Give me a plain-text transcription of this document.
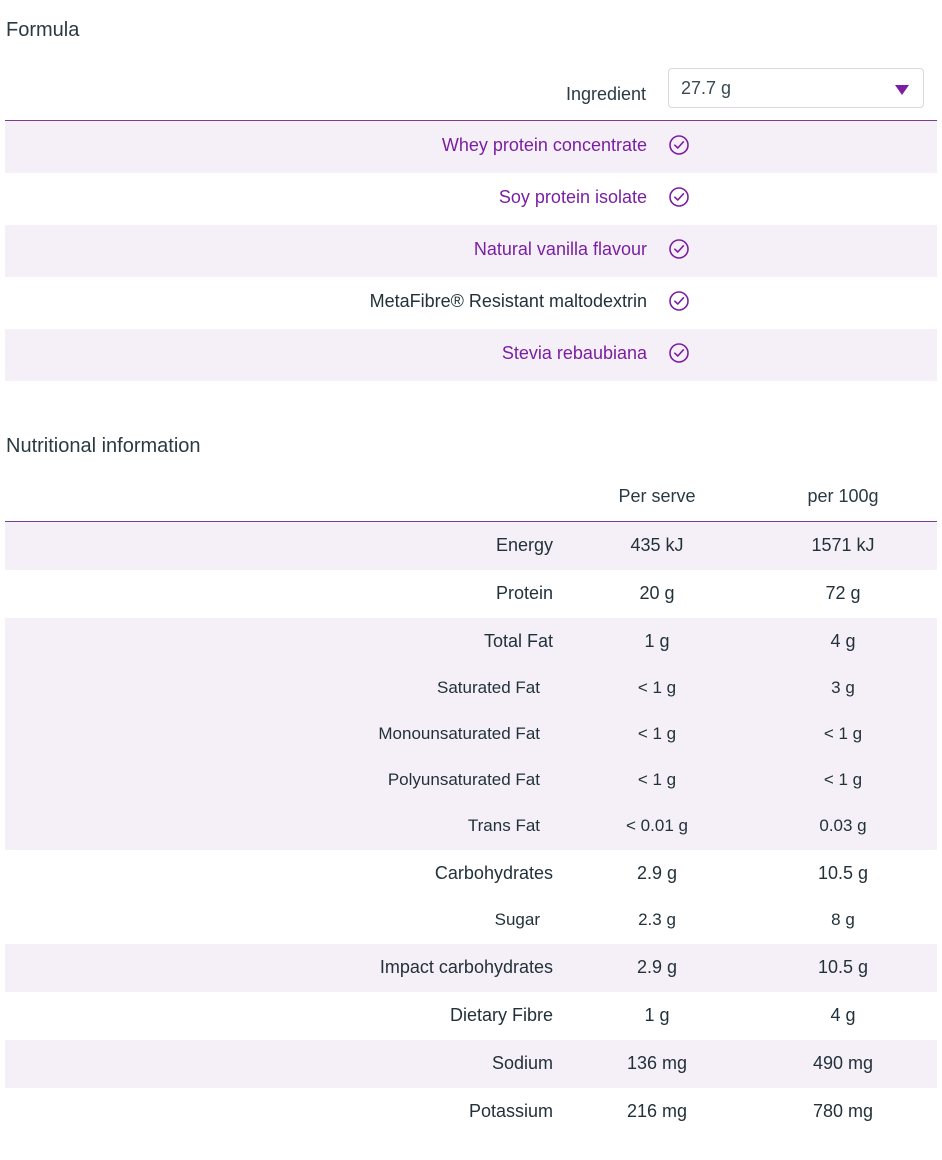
Formula
Ingredient 27.7 g
Whey protein concentrate
Soy protein isolate
Natural vanilla flavour
MetaFibre® Resistant maltodextrin
Stevia rebaubiana
Nutritional information
Per serve	per 100g
Energy	435 kJ	1571 kJ
Protein	20 g	72 g
Total Fat	1 g	4 g
Saturated Fat	< 1 g	3 g
Monounsaturated Fat	< 1 g	< 1 g
Polyunsaturated Fat	< 1 g	< 1 g
Trans Fat	< 0.01 g	0.03 g
Carbohydrates	2.9 g	10.5 g
Sugar	2.3 g	8 g
Impact carbohydrates	2.9 g	10.5 g
Dietary Fibre	1 g	4 g
Sodium	136 mg	490 mg
Potassium	216 mg	780 mg
